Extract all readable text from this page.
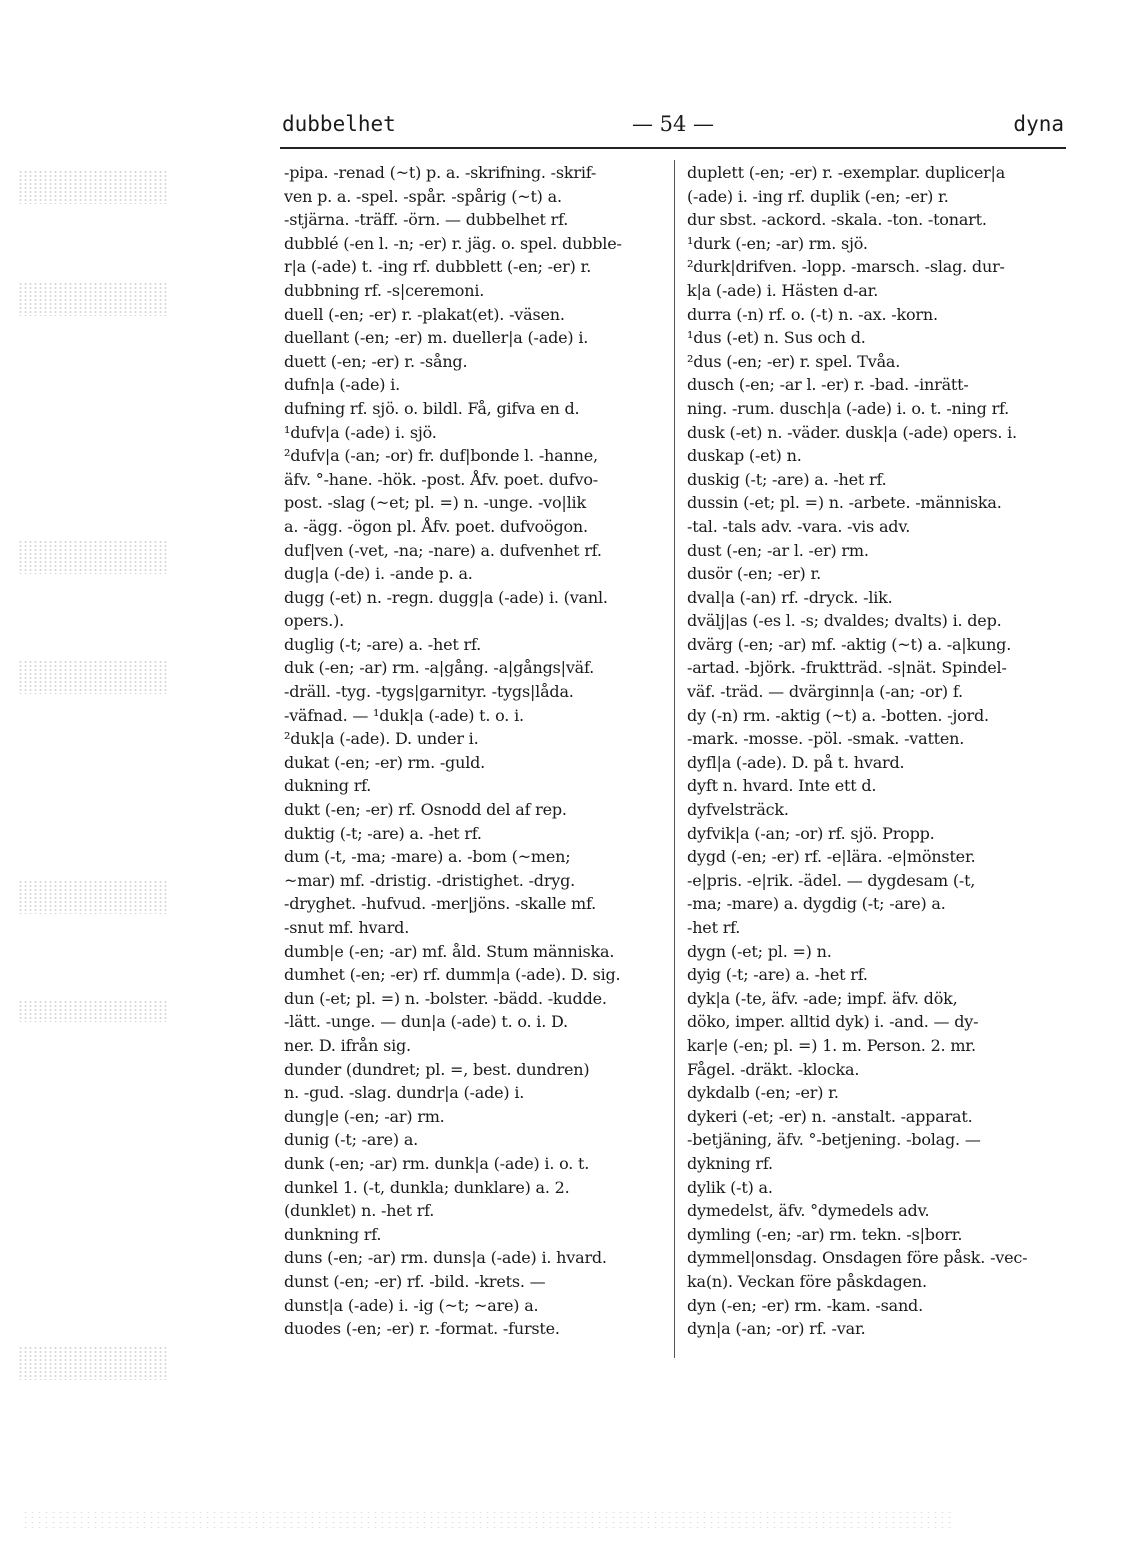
dubbelhet	— 54 —	dyna
-pipa. -renad (~t) p. a. -skrifning. -skrif-
ven p. a. -spel. -spår. -spårig (~t) a.
-stjärna. -träff. -örn. — dubbelhet rf.
dubblé (-en l. -n; -er) r. jäg. o. spel. dubble-
r|a (-ade) t. -ing rf. dubblett (-en; -er) r.
dubbning rf. -s|ceremoni.
duell (-en; -er) r. -plakat(et). -väsen.
duellant (-en; -er) m. dueller|a (-ade) i.
duett (-en; -er) r. -sång.
dufn|a (-ade) i.
dufning rf. sjö. o. bildl. Få, gifva en d.
¹dufv|a (-ade) i. sjö.
²dufv|a (-an; -or) fr. duf|bonde l. -hanne,
äfv. °-hane. -hök. -post. Åfv. poet. dufvo-
post. -slag (~et; pl. =) n. -unge. -vo|lik
a. -ägg. -ögon pl. Åfv. poet. dufvoögon.
duf|ven (-vet, -na; -nare) a. dufvenhet rf.
dug|a (-de) i. -ande p. a.
dugg (-et) n. -regn. dugg|a (-ade) i. (vanl.
opers.).
duglig (-t; -are) a. -het rf.
duk (-en; -ar) rm. -a|gång. -a|gångs|väf.
-dräll. -tyg. -tygs|garnityr. -tygs|låda.
-väfnad. — ¹duk|a (-ade) t. o. i.
²duk|a (-ade). D. under i.
dukat (-en; -er) rm. -guld.
dukning rf.
dukt (-en; -er) rf. Osnodd del af rep.
duktig (-t; -are) a. -het rf.
dum (-t, -ma; -mare) a. -bom (~men;
~mar) mf. -dristig. -dristighet. -dryg.
-dryghet. -hufvud. -mer|jöns. -skalle mf.
-snut mf. hvard.
dumb|e (-en; -ar) mf. åld. Stum människa.
dumhet (-en; -er) rf. dumm|a (-ade). D. sig.
dun (-et; pl. =) n. -bolster. -bädd. -kudde.
-lätt. -unge. — dun|a (-ade) t. o. i. D.
ner. D. ifrån sig.
dunder (dundret; pl. =, best. dundren)
n. -gud. -slag. dundr|a (-ade) i.
dung|e (-en; -ar) rm.
dunig (-t; -are) a.
dunk (-en; -ar) rm. dunk|a (-ade) i. o. t.
dunkel 1. (-t, dunkla; dunklare) a. 2.
(dunklet) n. -het rf.
dunkning rf.
duns (-en; -ar) rm. duns|a (-ade) i. hvard.
dunst (-en; -er) rf. -bild. -krets. —
dunst|a (-ade) i. -ig (~t; ~are) a.
duodes (-en; -er) r. -format. -furste.
duplett (-en; -er) r. -exemplar. duplicer|a
(-ade) i. -ing rf. duplik (-en; -er) r.
dur sbst. -ackord. -skala. -ton. -tonart.
¹durk (-en; -ar) rm. sjö.
²durk|drifven. -lopp. -marsch. -slag. dur-
k|a (-ade) i. Hästen d-ar.
durra (-n) rf. o. (-t) n. -ax. -korn.
¹dus (-et) n. Sus och d.
²dus (-en; -er) r. spel. Tvåa.
dusch (-en; -ar l. -er) r. -bad. -inrätt-
ning. -rum. dusch|a (-ade) i. o. t. -ning rf.
dusk (-et) n. -väder. dusk|a (-ade) opers. i.
duskap (-et) n.
duskig (-t; -are) a. -het rf.
dussin (-et; pl. =) n. -arbete. -människa.
-tal. -tals adv. -vara. -vis adv.
dust (-en; -ar l. -er) rm.
dusör (-en; -er) r.
dval|a (-an) rf. -dryck. -lik.
dvälj|as (-es l. -s; dvaldes; dvalts) i. dep.
dvärg (-en; -ar) mf. -aktig (~t) a. -a|kung.
-artad. -björk. -fruktträd. -s|nät. Spindel-
väf. -träd. — dvärginn|a (-an; -or) f.
dy (-n) rm. -aktig (~t) a. -botten. -jord.
-mark. -mosse. -pöl. -smak. -vatten.
dyfl|a (-ade). D. på t. hvard.
dyft n. hvard. Inte ett d.
dyfvelsträck.
dyfvik|a (-an; -or) rf. sjö. Propp.
dygd (-en; -er) rf. -e|lära. -e|mönster.
-e|pris. -e|rik. -ädel. — dygdesam (-t,
-ma; -mare) a. dygdig (-t; -are) a.
-het rf.
dygn (-et; pl. =) n.
dyig (-t; -are) a. -het rf.
dyk|a (-te, äfv. -ade; impf. äfv. dök,
döko, imper. alltid dyk) i. -and. — dy-
kar|e (-en; pl. =) 1. m. Person. 2. mr.
Fågel. -dräkt. -klocka.
dykdalb (-en; -er) r.
dykeri (-et; -er) n. -anstalt. -apparat.
-betjäning, äfv. °-betjening. -bolag. —
dykning rf.
dylik (-t) a.
dymedelst, äfv. °dymedels adv.
dymling (-en; -ar) rm. tekn. -s|borr.
dymmel|onsdag. Onsdagen före påsk. -vec-
ka(n). Veckan före påskdagen.
dyn (-en; -er) rm. -kam. -sand.
dyn|a (-an; -or) rf. -var.
